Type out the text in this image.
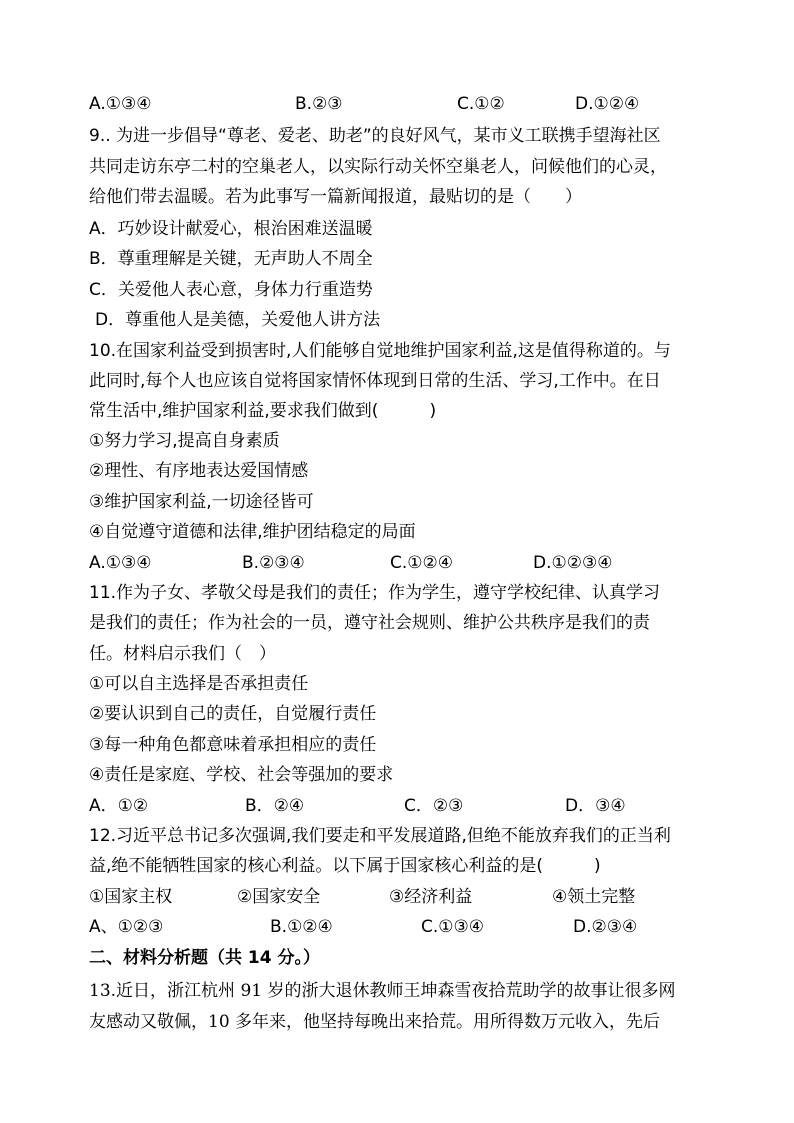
A.①③④	B.②③	C.①②	D.①②④
9.. 为进一步倡导“尊老、爱老、助老”的良好风气，某市义工联携手望海社区
共同走访东亭二村的空巢老人，以实际行动关怀空巢老人，问候他们的心灵，
给他们带去温暖。若为此事写一篇新闻报道，最贴切的是（　　）
A．巧妙设计献爱心，根治困难送温暖
B．尊重理解是关键，无声助人不周全
C．关爱他人表心意，身体力行重造势
D．尊重他人是美德，关爱他人讲方法
10.在国家利益受到损害时,人们能够自觉地维护国家利益,这是值得称道的。与
此同时,每个人也应该自觉将国家情怀体现到日常的生活、学习,工作中。在日
常生活中,维护国家利益,要求我们做到(　　　)
①努力学习,提高自身素质
②理性、有序地表达爱国情感
③维护国家利益,一切途径皆可
④自觉遵守道德和法律,维护团结稳定的局面
A.①③④	B.②③④	C.①②④	D.①②③④
11.作为子女、孝敬父母是我们的责任；作为学生，遵守学校纪律、认真学习
是我们的责任；作为社会的一员，遵守社会规则、维护公共秩序是我们的责
任。材料启示我们（　）
①可以自主选择是否承担责任
②要认识到自己的责任，自觉履行责任
③每一种角色都意味着承担相应的责任
④责任是家庭、学校、社会等强加的要求
A．①②	B．②④	C．②③	D．③④
12.习近平总书记多次强调,我们要走和平发展道路,但绝不能放弃我们的正当利
益,绝不能牺牲国家的核心利益。以下属于国家核心利益的是(　　　)
①国家主权	②国家安全	③经济利益	④领土完整
A、①②③	B.①②④	C.①③④	D.②③④
二、材料分析题（共 14 分。）
13.近日，浙江杭州 91 岁的浙大退休教师王坤森雪夜拾荒助学的故事让很多网
友感动又敬佩，10 多年来，他坚持每晚出来拾荒。用所得数万元收入，先后
